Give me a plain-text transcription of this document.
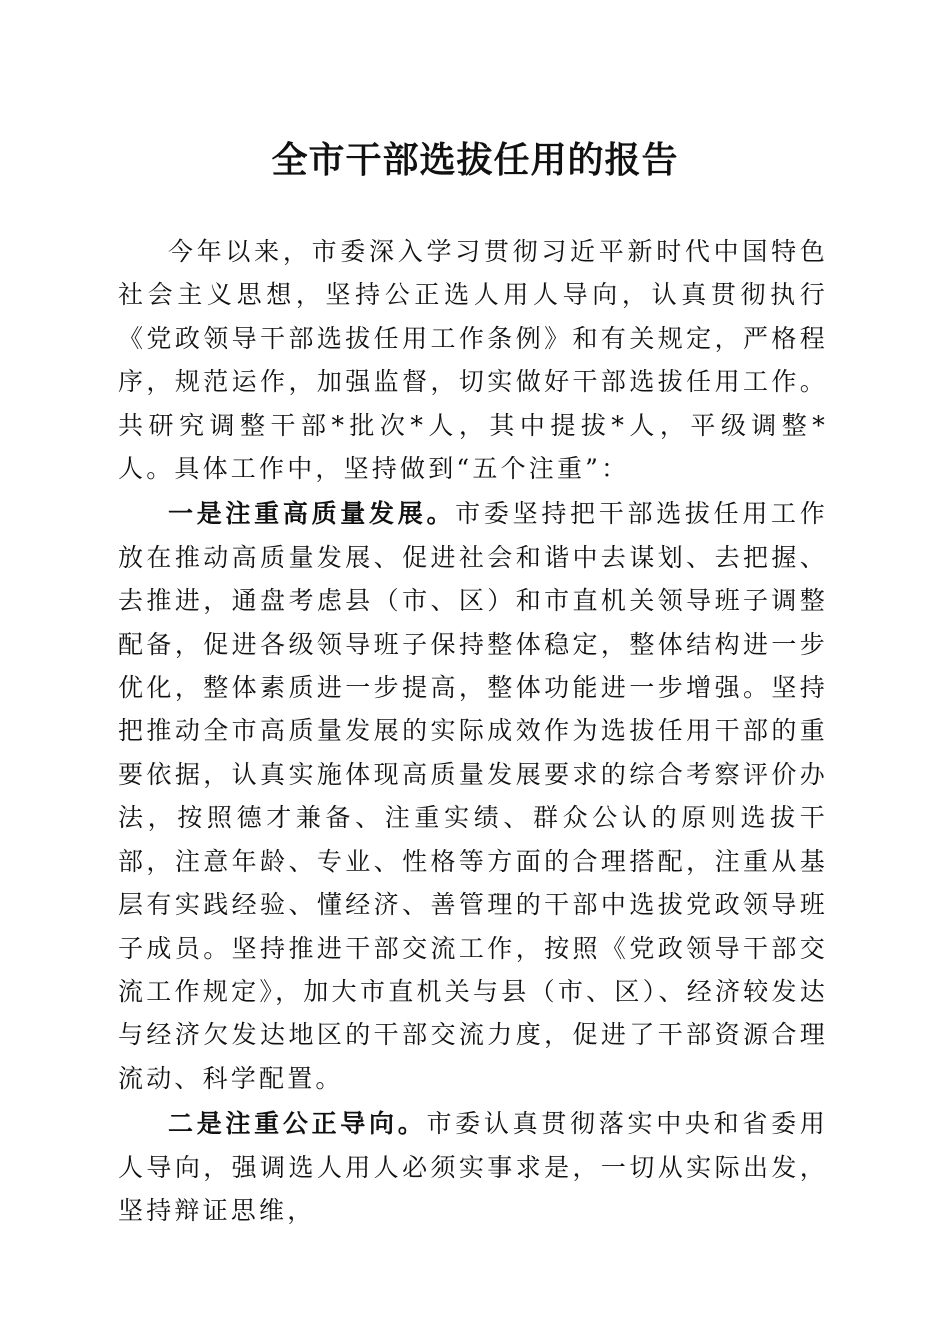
全市干部选拔任用的报告

今年以来，市委深入学习贯彻习近平新时代中国特色社会主义思想，坚持公正选人用人导向，认真贯彻执行《党政领导干部选拔任用工作条例》和有关规定，严格程序，规范运作，加强监督，切实做好干部选拔任用工作。共研究调整干部*批次*人，其中提拔*人，平级调整*人。具体工作中，坚持做到“五个注重”：

一是注重高质量发展。市委坚持把干部选拔任用工作放在推动高质量发展、促进社会和谐中去谋划、去把握、去推进，通盘考虑县（市、区）和市直机关领导班子调整配备，促进各级领导班子保持整体稳定，整体结构进一步优化，整体素质进一步提高，整体功能进一步增强。坚持把推动全市高质量发展的实际成效作为选拔任用干部的重要依据，认真实施体现高质量发展要求的综合考察评价办法，按照德才兼备、注重实绩、群众公认的原则选拔干部，注意年龄、专业、性格等方面的合理搭配，注重从基层有实践经验、懂经济、善管理的干部中选拔党政领导班子成员。坚持推进干部交流工作，按照《党政领导干部交流工作规定》，加大市直机关与县（市、区）、经济较发达与经济欠发达地区的干部交流力度，促进了干部资源合理流动、科学配置。

二是注重公正导向。市委认真贯彻落实中央和省委用人导向，强调选人用人必须实事求是，一切从实际出发，坚持辩证思维，
